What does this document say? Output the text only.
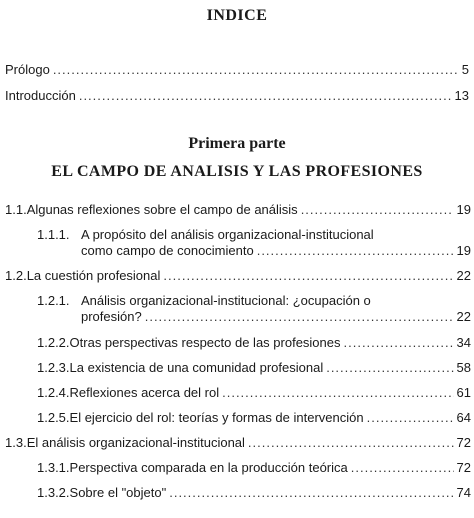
INDICE
Prólogo .....	5
Introducción .....	13
Primera parte
EL CAMPO DE ANALISIS Y LAS PROFESIONES
1.1. Algunas reflexiones sobre el campo de análisis .....	19
1.1.1. A propósito del análisis organizacional-institucional
como campo de conocimiento .....	19
1.2. La cuestión profesional .....	22
1.2.1. Análisis organizacional-institucional: ¿ocupación o
profesión? .....	22
1.2.2. Otras perspectivas respecto de las profesiones .....	34
1.2.3. La existencia de una comunidad profesional .....	58
1.2.4. Reflexiones acerca del rol .....	61
1.2.5. El ejercicio del rol: teorías y formas de intervención .....	64
1.3. El análisis organizacional-institucional .....	72
1.3.1. Perspectiva comparada en la producción teórica .....	72
1.3.2. Sobre el "objeto" .....	74
